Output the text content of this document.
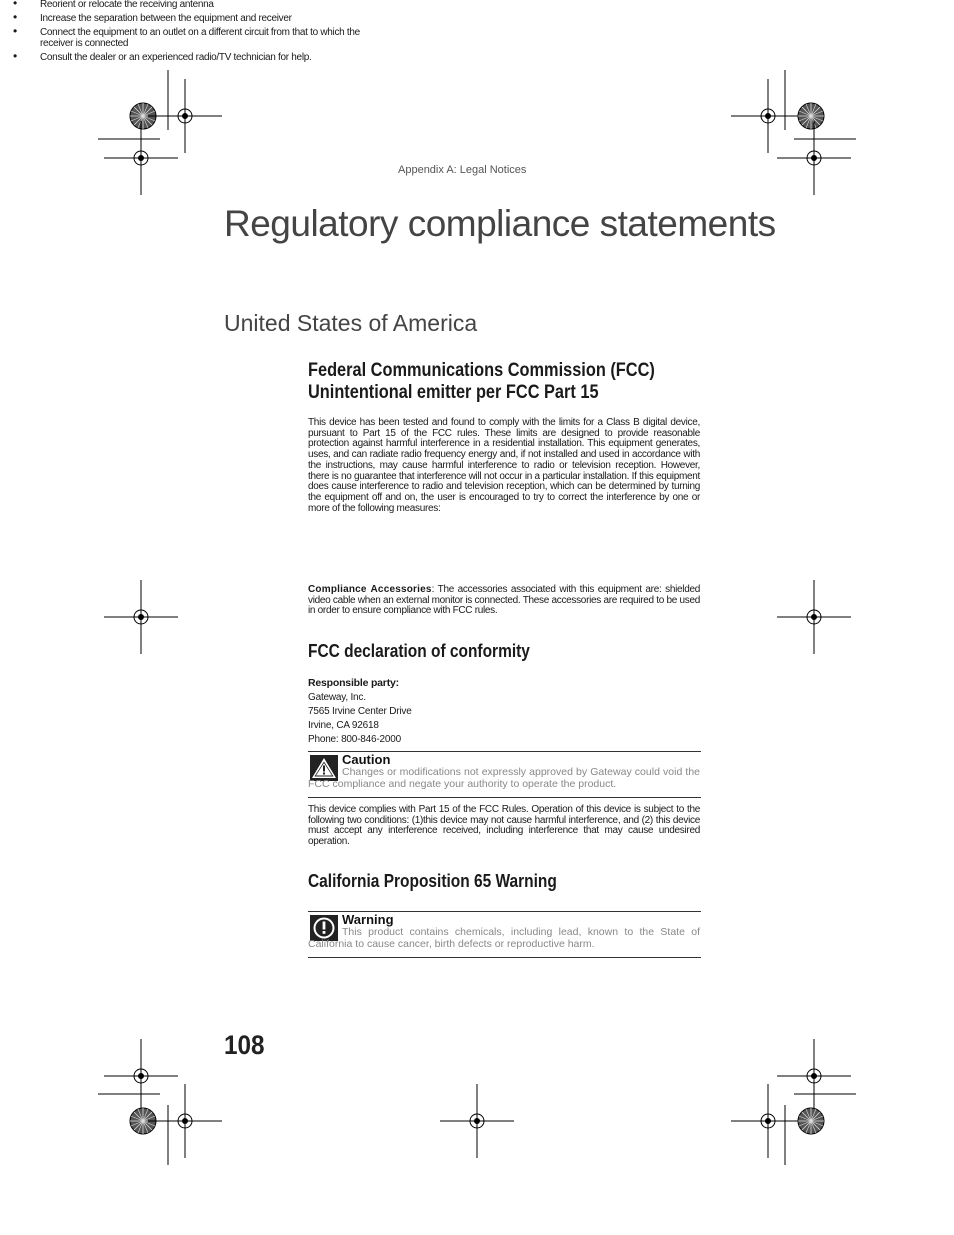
Appendix A: Legal Notices
Regulatory compliance statements
United States of America
Federal Communications Commission (FCC) Unintentional emitter per FCC Part 15
This device has been tested and found to comply with the limits for a Class B digital device, pursuant to Part 15 of the FCC rules. These limits are designed to provide reasonable protection against harmful interference in a residential installation. This equipment generates, uses, and can radiate radio frequency energy and, if not installed and used in accordance with the instructions, may cause harmful interference to radio or television reception. However, there is no guarantee that interference will not occur in a particular installation. If this equipment does cause interference to radio and television reception, which can be determined by turning the equipment off and on, the user is encouraged to try to correct the interference by one or more of the following measures:
• Reorient or relocate the receiving antenna
• Increase the separation between the equipment and receiver
• Connect the equipment to an outlet on a different circuit from that to which the receiver is connected
• Consult the dealer or an experienced radio/TV technician for help.
Compliance Accessories: The accessories associated with this equipment are: shielded video cable when an external monitor is connected. These accessories are required to be used in order to ensure compliance with FCC rules.
FCC declaration of conformity
Responsible party:
Gateway, Inc.
7565 Irvine Center Drive
Irvine, CA 92618
Phone: 800-846-2000
Caution
Changes or modifications not expressly approved by Gateway could void the FCC compliance and negate your authority to operate the product.
This device complies with Part 15 of the FCC Rules. Operation of this device is subject to the following two conditions: (1)this device may not cause harmful interference, and (2) this device must accept any interference received, including interference that may cause undesired operation.
California Proposition 65 Warning
Warning
This product contains chemicals, including lead, known to the State of California to cause cancer, birth defects or reproductive harm.
108
